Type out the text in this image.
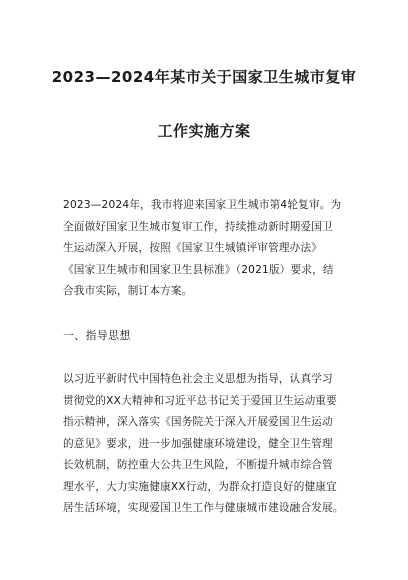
2023—2024年某市关于国家卫生城市复审
工作实施方案
2023—2024年，我市将迎来国家卫生城市第4轮复审。为
全面做好国家卫生城市复审工作，持续推动新时期爱国卫
生运动深入开展，按照《国家卫生城镇评审管理办法》
《国家卫生城市和国家卫生县标准》（2021版）要求，结
合我市实际，制订本方案。
一、指导思想
以习近平新时代中国特色社会主义思想为指导，认真学习
贯彻党的XX大精神和习近平总书记关于爱国卫生运动重要
指示精神，深入落实《国务院关于深入开展爱国卫生运动
的意见》要求，进一步加强健康环境建设，健全卫生管理
长效机制，防控重大公共卫生风险，不断提升城市综合管
理水平，大力实施健康XX行动，为群众打造良好的健康宜
居生活环境，实现爱国卫生工作与健康城市建设融合发展。
